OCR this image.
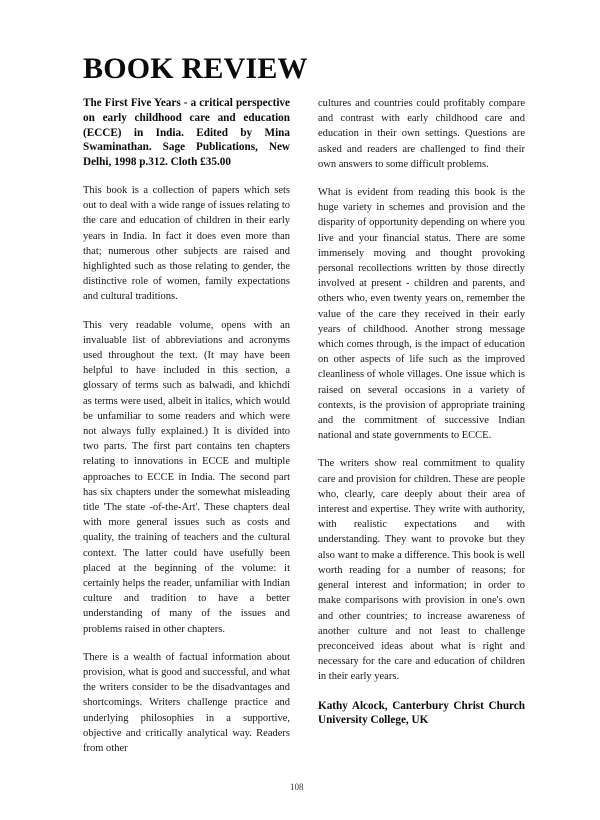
BOOK REVIEW

The First Five Years - a critical perspective on early childhood care and education (ECCE) in India. Edited by Mina Swaminathan. Sage Publications, New Delhi, 1998 p.312. Cloth £35.00

This book is a collection of papers which sets out to deal with a wide range of issues relating to the care and education of children in their early years in India. In fact it does even more than that; numerous other subjects are raised and highlighted such as those relating to gender, the distinctive role of women, family expectations and cultural traditions.

This very readable volume, opens with an invaluable list of abbreviations and acronyms used throughout the text. (It may have been helpful to have included in this section, a glossary of terms such as balwadi, and khichdi as terms were used, albeit in italics, which would be unfamiliar to some readers and which were not always fully explained.) It is divided into two parts. The first part contains ten chapters relating to innovations in ECCE and multiple approaches to ECCE in India. The second part has six chapters under the somewhat misleading title 'The state -of-the-Art'. These chapters deal with more general issues such as costs and quality, the training of teachers and the cultural context. The latter could have usefully been placed at the beginning of the volume: it certainly helps the reader, unfamiliar with Indian culture and tradition to have a better understanding of many of the issues and problems raised in other chapters.

There is a wealth of factual information about provision, what is good and successful, and what the writers consider to be the disadvantages and shortcomings. Writers challenge practice and underlying philosophies in a supportive, objective and critically analytical way. Readers from other

cultures and countries could profitably compare and contrast with early childhood care and education in their own settings. Questions are asked and readers are challenged to find their own answers to some difficult problems.

What is evident from reading this book is the huge variety in schemes and provision and the disparity of opportunity depending on where you live and your financial status. There are some immensely moving and thought provoking personal recollections written by those directly involved at present - children and parents, and others who, even twenty years on, remember the value of the care they received in their early years of childhood. Another strong message which comes through, is the impact of education on other aspects of life such as the improved cleanliness of whole villages. One issue which is raised on several occasions in a variety of contexts, is the provision of appropriate training and the commitment of successive Indian national and state governments to ECCE.

The writers show real commitment to quality care and provision for children. These are people who, clearly, care deeply about their area of interest and expertise. They write with authority, with realistic expectations and with understanding. They want to provoke but they also want to make a difference. This book is well worth reading for a number of reasons; for general interest and information; in order to make comparisons with provision in one's own and other countries; to increase awareness of another culture and not least to challenge preconceived ideas about what is right and necessary for the care and education of children in their early years.

Kathy Alcock, Canterbury Christ Church University College, UK

108
